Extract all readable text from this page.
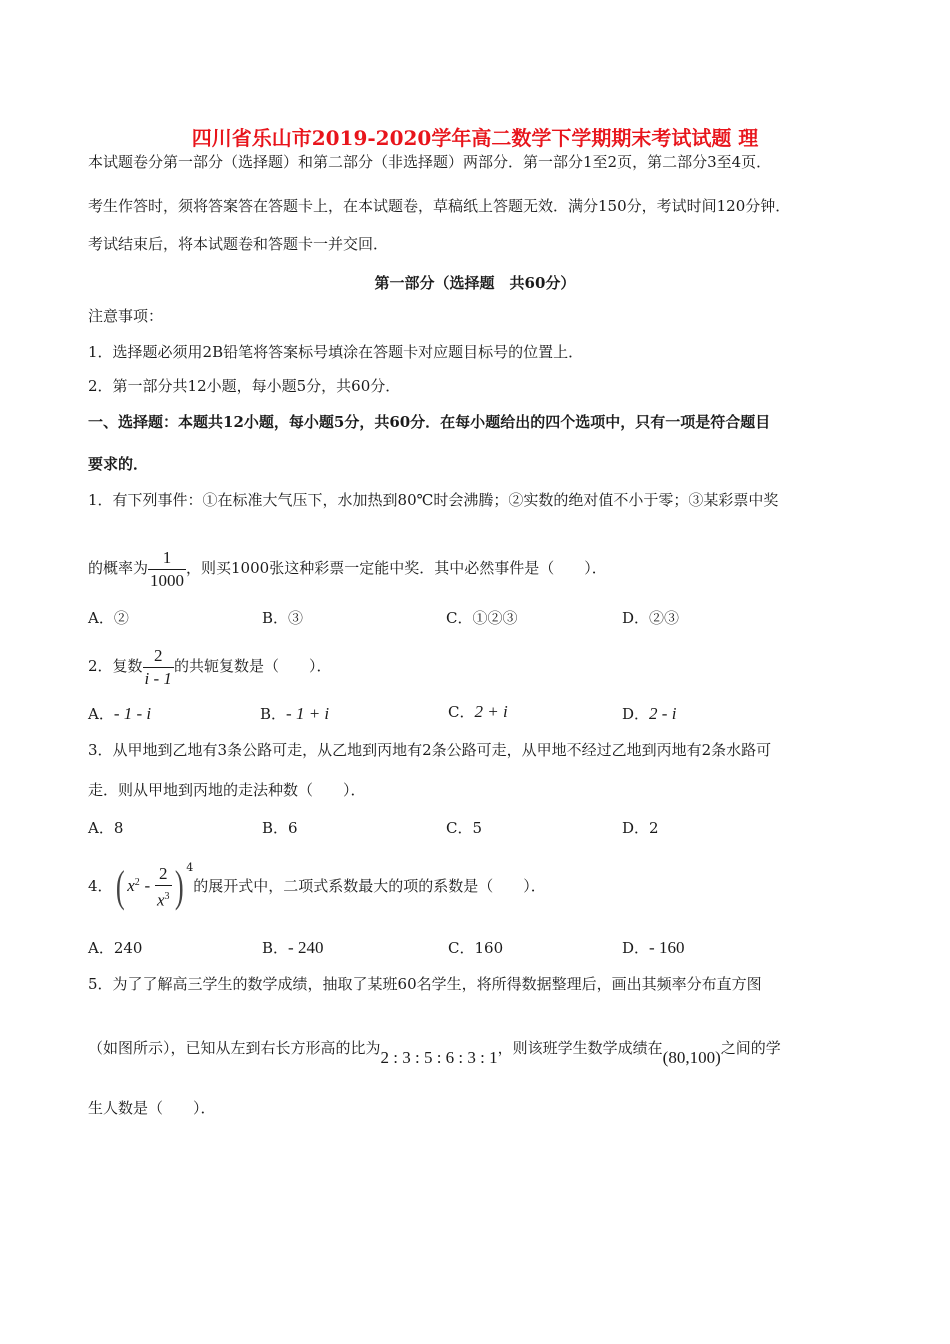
四川省乐山市2019-2020学年高二数学下学期期末考试试题 理
本试题卷分第一部分（选择题）和第二部分（非选择题）两部分．第一部分1至2页，第二部分3至4页．
考生作答时，须将答案答在答题卡上，在本试题卷，草稿纸上答题无效．满分150分，考试时间120分钟．
考试结束后，将本试题卷和答题卡一并交回．
第一部分（选择题　共60分）
注意事项：
1．选择题必须用2B铅笔将答案标号填涂在答题卡对应题目标号的位置上．
2．第一部分共12小题，每小题5分，共60分．
一、选择题：本题共12小题，每小题5分，共60分．在每小题给出的四个选项中，只有一项是符合题目
要求的．
1．有下列事件：①在标准大气压下，水加热到80℃时会沸腾；②实数的绝对值不小于零；③某彩票中奖
的概率为 $\frac{1}{1000}$ ，则买1000张这种彩票一定能中奖．其中必然事件是（　　）．
A．②	B．③	C．①②③	D．②③
2．复数 $\frac{2}{i - 1}$ 的共轭复数是（　　）．
A．- 1 - i	B．- 1 + i	C．2 + i	D．2 - i
3．从甲地到乙地有3条公路可走，从乙地到丙地有2条公路可走，从甲地不经过乙地到丙地有2条水路可
走．则从甲地到丙地的走法种数（　　）．
A．8	B．6	C．5	D．2
4．( $x^2 - \frac{2}{x^3}$ ) $^4$的展开式中，二项式系数最大的项的系数是（　　）．
A．240	B．- 240	C．160	D．- 160
5．为了了解高三学生的数学成绩，抽取了某班60名学生，将所得数据整理后，画出其频率分布直方图
（如图所示），已知从左到右长方形高的比为2 : 3 : 5 : 6 : 3 : 1，则该班学生数学成绩在(80,100)之间的学
生人数是（　　）．
